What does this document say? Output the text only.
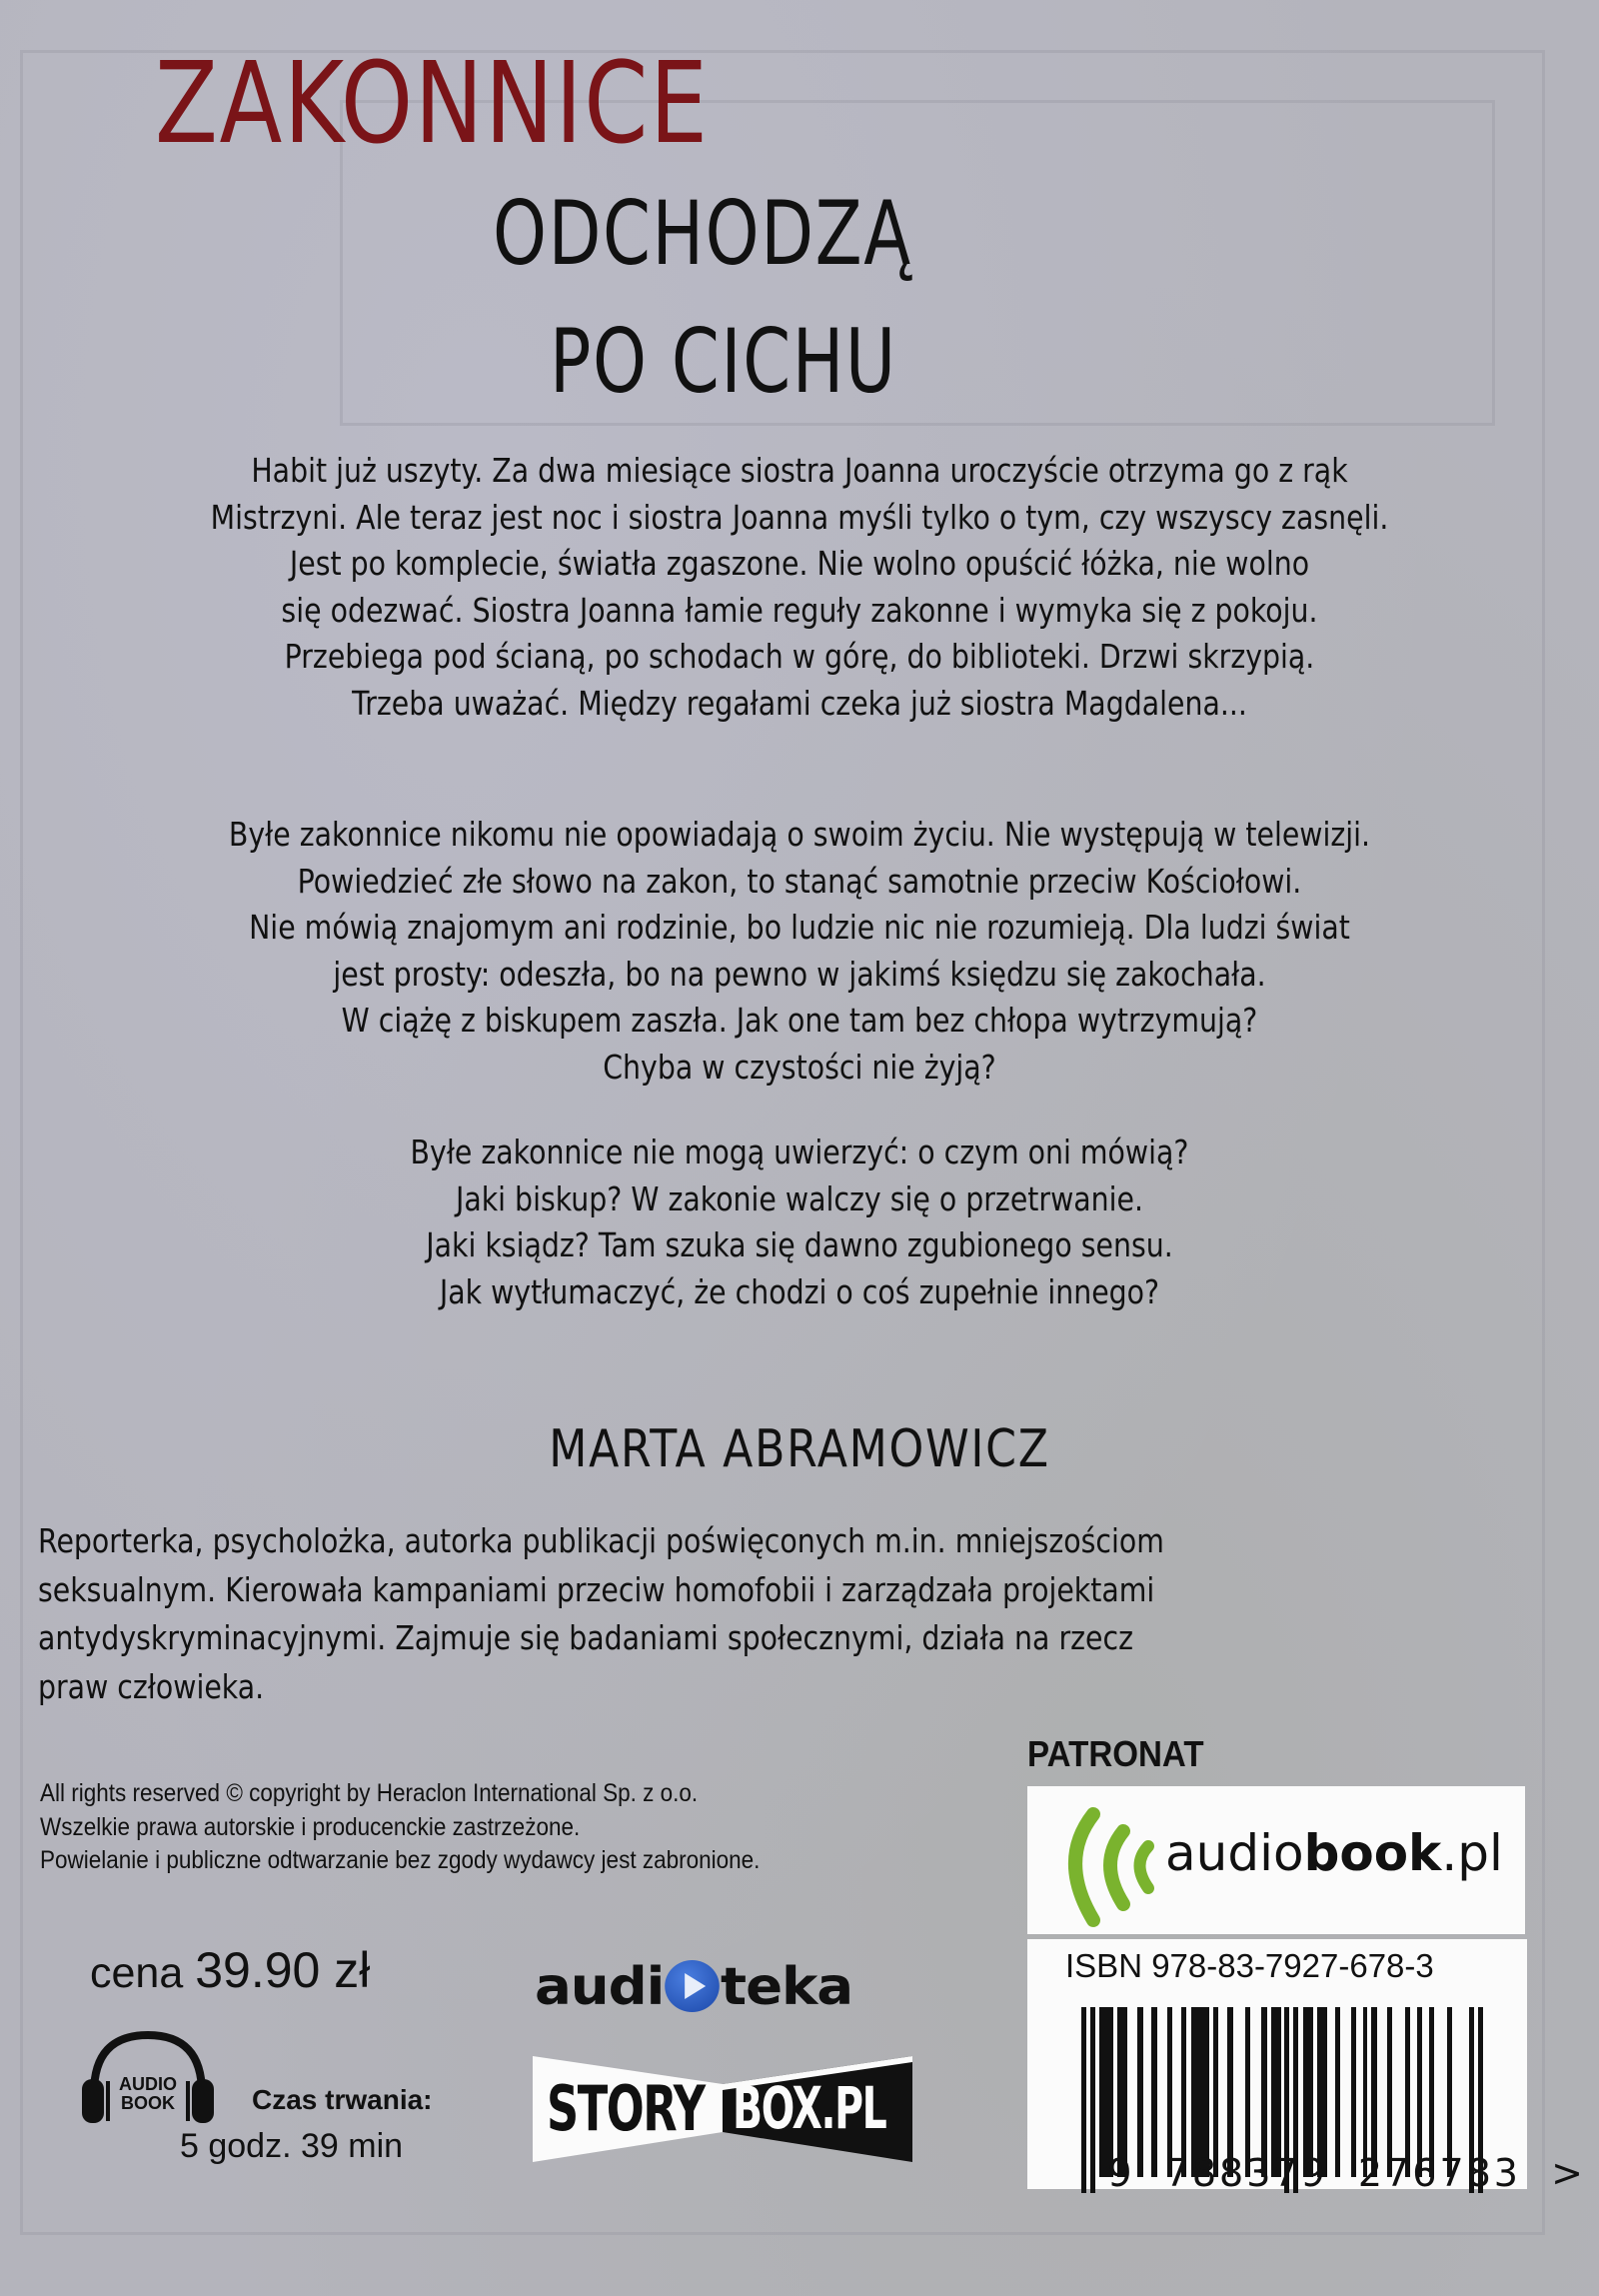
ZAKONNICE
ODCHODZĄ
PO CICHU
Habit już uszyty. Za dwa miesiące siostra Joanna uroczyście otrzyma go z rąk
Mistrzyni. Ale teraz jest noc i siostra Joanna myśli tylko o tym, czy wszyscy zasnęli.
Jest po komplecie, światła zgaszone. Nie wolno opuścić łóżka, nie wolno
się odezwać. Siostra Joanna łamie reguły zakonne i wymyka się z pokoju.
Przebiega pod ścianą, po schodach w górę, do biblioteki. Drzwi skrzypią.
Trzeba uważać. Między regałami czeka już siostra Magdalena...
Byłe zakonnice nikomu nie opowiadają o swoim życiu. Nie występują w telewizji.
Powiedzieć złe słowo na zakon, to stanąć samotnie przeciw Kościołowi.
Nie mówią znajomym ani rodzinie, bo ludzie nic nie rozumieją. Dla ludzi świat
jest prosty: odeszła, bo na pewno w jakimś księdzu się zakochała.
W ciążę z biskupem zaszła. Jak one tam bez chłopa wytrzymują?
Chyba w czystości nie żyją?
Byłe zakonnice nie mogą uwierzyć: o czym oni mówią?
Jaki biskup? W zakonie walczy się o przetrwanie.
Jaki ksiądz? Tam szuka się dawno zgubionego sensu.
Jak wytłumaczyć, że chodzi o coś zupełnie innego?
MARTA ABRAMOWICZ
Reporterka, psycholożka, autorka publikacji poświęconych m.in. mniejszościom
seksualnym. Kierowała kampaniami przeciw homofobii i zarządzała projektami
antydyskryminacyjnymi. Zajmuje się badaniami społecznymi, działa na rzecz
praw człowieka.
All rights reserved © copyright by Heraclon International Sp. z o.o.
Wszelkie prawa autorskie i producenckie zastrzeżone.
Powielanie i publiczne odtwarzanie bez zgody wydawcy jest zabronione.
cena 39.90 zł
AUDIO
BOOK	Czas trwania:
5 godz. 39 min
audi teka
STORY BOX.PL
PATRONAT
audiobook.pl
ISBN 978-83-7927-678-3

9 788379 276783 >
